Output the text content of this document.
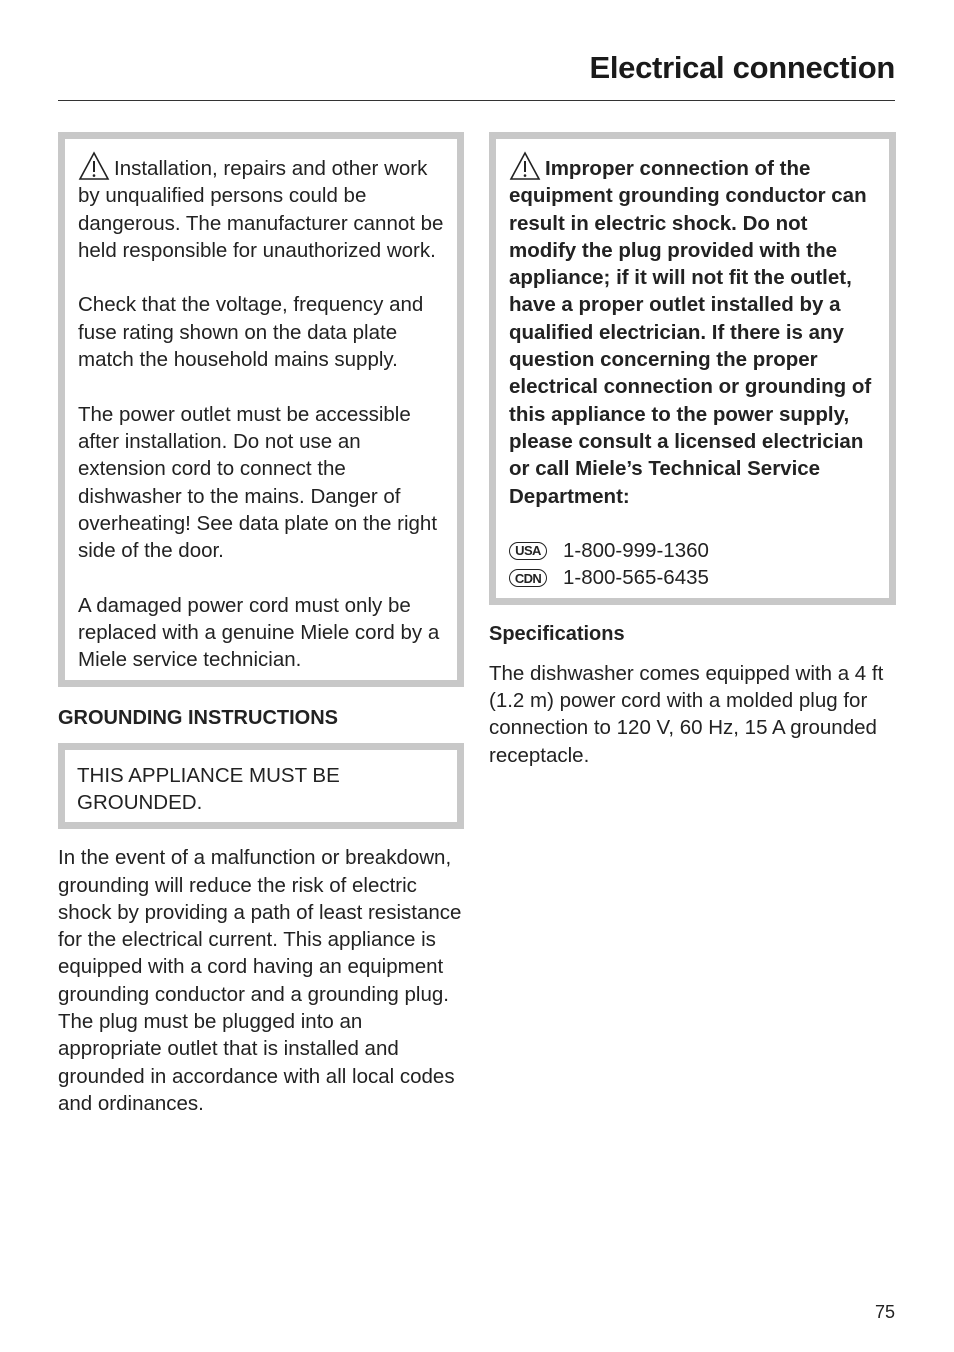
Electrical connection

Installation, repairs and other work by unqualified persons could be dangerous. The manufacturer cannot be held responsible for unauthorized work.

Check that the voltage, frequency and fuse rating shown on the data plate match the household mains supply.

The power outlet must be accessible after installation. Do not use an extension cord to connect the dishwasher to the mains. Danger of overheating! See data plate on the right side of the door.

A damaged power cord must only be replaced with a genuine Miele cord by a Miele service technician.

GROUNDING INSTRUCTIONS

THIS APPLIANCE MUST BE GROUNDED.

In the event of a malfunction or breakdown, grounding will reduce the risk of electric shock by providing a path of least resistance for the electrical current. This appliance is equipped with a cord having an equipment grounding conductor and a grounding plug. The plug must be plugged into an appropriate outlet that is installed and grounded in accordance with all local codes and ordinances.

Improper connection of the equipment grounding conductor can result in electric shock. Do not modify the plug provided with the appliance; if it will not fit the outlet, have a proper outlet installed by a qualified electrician. If there is any question concerning the proper electrical connection or grounding of this appliance to the power supply, please consult a licensed electrician or call Miele’s Technical Service Department:

USA	1-800-999-1360
CDN 1-800-565-6435
Specifications

The dishwasher comes equipped with a 4 ft (1.2 m) power cord with a molded plug for connection to 120 V, 60 Hz, 15 A grounded receptacle.

75
